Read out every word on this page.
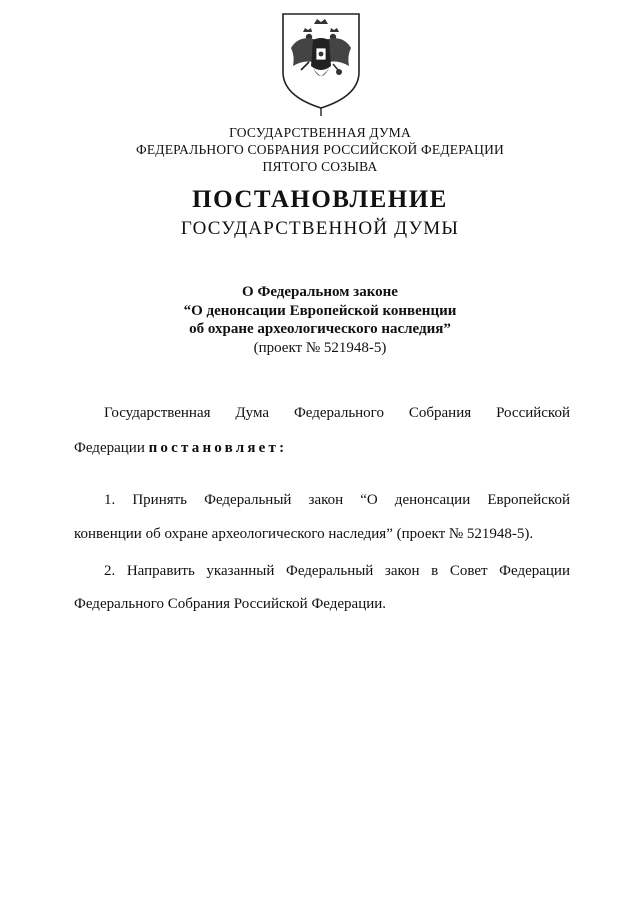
ГОСУДАРСТВЕННАЯ ДУМА
ФЕДЕРАЛЬНОГО СОБРАНИЯ РОССИЙСКОЙ ФЕДЕРАЦИИ
ПЯТОГО СОЗЫВА
ПОСТАНОВЛЕНИЕ
ГОСУДАРСТВЕННОЙ ДУМЫ
О Федеральном законе
“О денонсации Европейской конвенции
об охране археологического наследия”
(проект № 521948-5)
Государственная Дума Федерального Собрания Российской
Федерации постановляет:
1. Принять Федеральный закон “О денонсации Европейской
конвенции об охране археологического наследия” (проект № 521948-5).
2. Направить указанный Федеральный закон в Совет Федерации
Федерального Собрания Российской Федерации.
